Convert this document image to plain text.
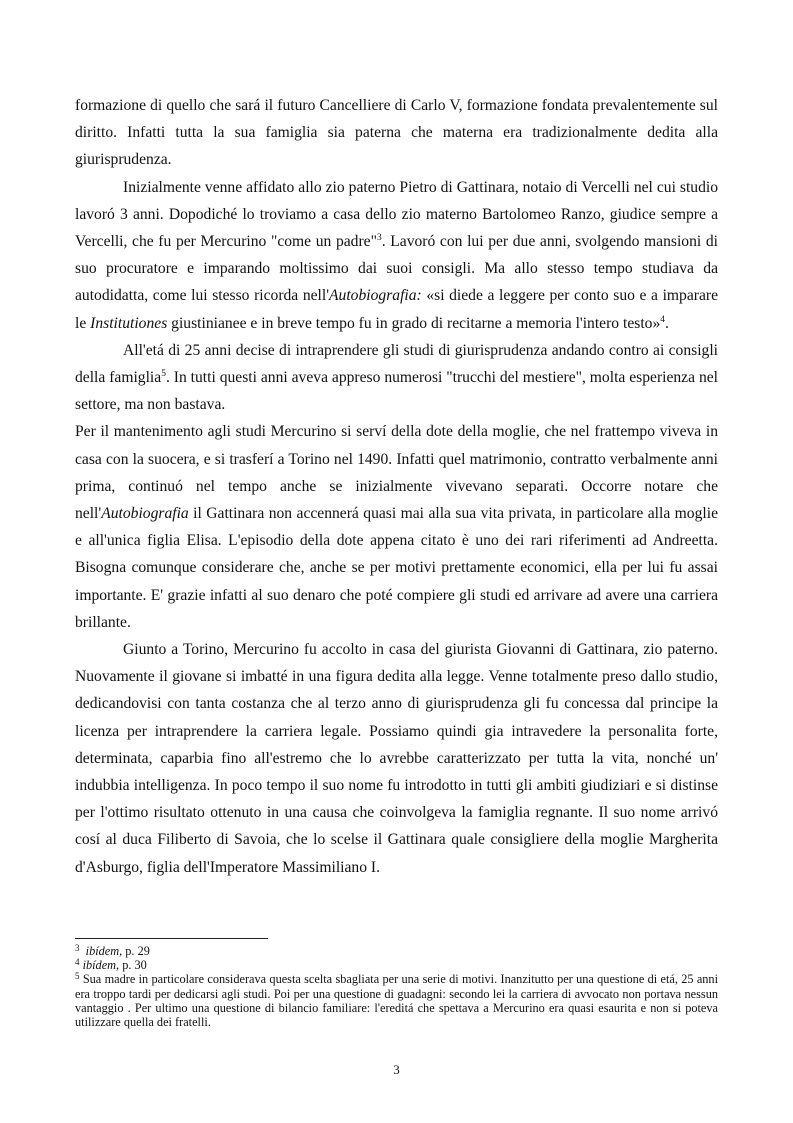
formazione di quello che sará il futuro Cancelliere di Carlo V, formazione fondata prevalentemente sul diritto. Infatti tutta la sua famiglia sia paterna che materna era tradizionalmente dedita alla giurisprudenza.

Inizialmente venne affidato allo zio paterno Pietro di Gattinara, notaio di Vercelli nel cui studio lavoró 3 anni. Dopodiché lo troviamo a casa dello zio materno Bartolomeo Ranzo, giudice sempre a Vercelli, che fu per Mercurino "come un padre"$^3$. Lavoró con lui per due anni, svolgendo mansioni di suo procuratore e imparando moltissimo dai suoi consigli. Ma allo stesso tempo studiava da autodidatta, come lui stesso ricorda nell'Autobiografia: «si diede a leggere per conto suo e a imparare le Institutiones giustinianee e in breve tempo fu in grado di recitarne a memoria l'intero testo»$^4$.

All'etá di 25 anni decise di intraprendere gli studi di giurisprudenza andando contro ai consigli della famiglia$^5$. In tutti questi anni aveva appreso numerosi "trucchi del mestiere", molta esperienza nel settore, ma non bastava.

Per il mantenimento agli studi Mercurino si serví della dote della moglie, che nel frattempo viveva in casa con la suocera, e si trasferí a Torino nel 1490. Infatti quel matrimonio, contratto verbalmente anni prima, continuó nel tempo anche se inizialmente vivevano separati. Occorre notare che nell'Autobiografia il Gattinara non accennerá quasi mai alla sua vita privata, in particolare alla moglie e all'unica figlia Elisa. L'episodio della dote appena citato è uno dei rari riferimenti ad Andreetta. Bisogna comunque considerare che, anche se per motivi prettamente economici, ella per lui fu assai importante. E' grazie infatti al suo denaro che poté compiere gli studi ed arrivare ad avere una carriera brillante.

Giunto a Torino, Mercurino fu accolto in casa del giurista Giovanni di Gattinara, zio paterno. Nuovamente il giovane si imbatté in una figura dedita alla legge. Venne totalmente preso dallo studio, dedicandovisi con tanta costanza che al terzo anno di giurisprudenza gli fu concessa dal principe la licenza per intraprendere la carriera legale. Possiamo quindi gia intravedere la personalita forte, determinata, caparbia fino all'estremo che lo avrebbe caratterizzato per tutta la vita, nonché un' indubbia intelligenza. In poco tempo il suo nome fu introdotto in tutti gli ambiti giudiziari e si distinse per l'ottimo risultato ottenuto in una causa che coinvolgeva la famiglia regnante. Il suo nome arrivó cosí al duca Filiberto di Savoia, che lo scelse il Gattinara quale consigliere della moglie Margherita d'Asburgo, figlia dell'Imperatore Massimiliano I.

$^3$ ibídem, p. 29
$^4$ ibídem, p. 30
$^5$ Sua madre in particolare considerava questa scelta sbagliata per una serie di motivi. Inanzitutto per una questione di etá, 25 anni era troppo tardi per dedicarsi agli studi. Poi per una questione di guadagni: secondo lei la carriera di avvocato non portava nessun vantaggio . Per ultimo una questione di bilancio familiare: l'ereditá che spettava a Mercurino era quasi esaurita e non si poteva utilizzare quella dei fratelli.
3
